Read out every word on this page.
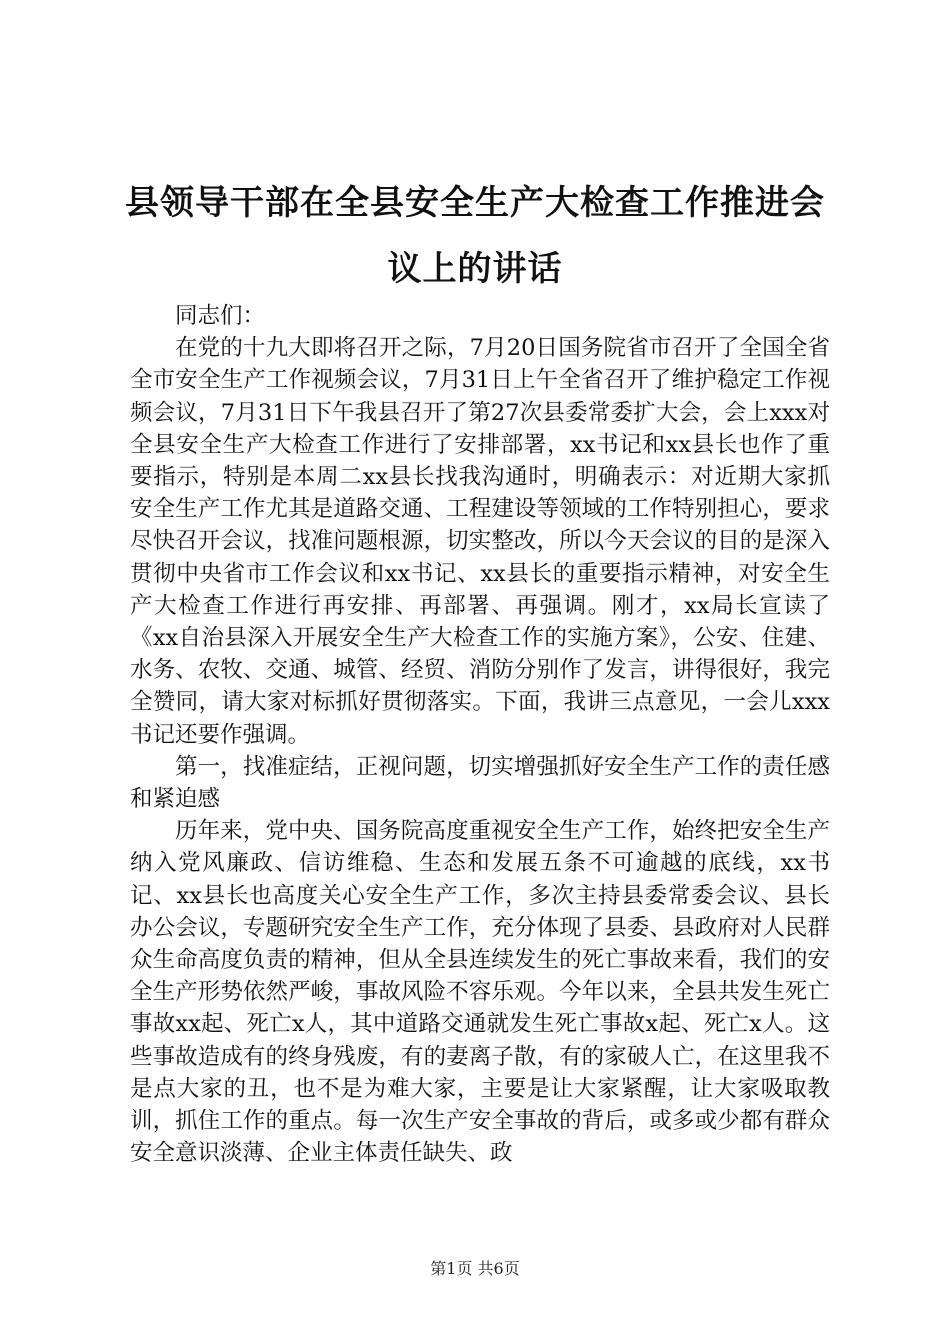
县领导干部在全县安全生产大检查工作推进会
议上的讲话

同志们：

在党的十九大即将召开之际，7月20日国务院省市召开了全国全省全市安全生产工作视频会议，7月31日上午全省召开了维护稳定工作视频会议，7月31日下午我县召开了第27次县委常委扩大会，会上xxx对全县安全生产大检查工作进行了安排部署，xx书记和xx县长也作了重要指示，特别是本周二xx县长找我沟通时，明确表示：对近期大家抓安全生产工作尤其是道路交通、工程建设等领域的工作特别担心，要求尽快召开会议，找准问题根源，切实整改，所以今天会议的目的是深入贯彻中央省市工作会议和xx书记、xx县长的重要指示精神，对安全生产大检查工作进行再安排、再部署、再强调。刚才，xx局长宣读了《xx自治县深入开展安全生产大检查工作的实施方案》，公安、住建、水务、农牧、交通、城管、经贸、消防分别作了发言，讲得很好，我完全赞同，请大家对标抓好贯彻落实。下面，我讲三点意见，一会儿xxx书记还要作强调。

第一，找准症结，正视问题，切实增强抓好安全生产工作的责任感和紧迫感

历年来，党中央、国务院高度重视安全生产工作，始终把安全生产纳入党风廉政、信访维稳、生态和发展五条不可逾越的底线，xx书记、xx县长也高度关心安全生产工作，多次主持县委常委会议、县长办公会议，专题研究安全生产工作，充分体现了县委、县政府对人民群众生命高度负责的精神，但从全县连续发生的死亡事故来看，我们的安全生产形势依然严峻，事故风险不容乐观。今年以来，全县共发生死亡事故xx起、死亡x人，其中道路交通就发生死亡事故x起、死亡x人。这些事故造成有的终身残废，有的妻离子散，有的家破人亡，在这里我不是点大家的丑，也不是为难大家，主要是让大家紧醒，让大家吸取教训，抓住工作的重点。每一次生产安全事故的背后，或多或少都有群众安全意识淡薄、企业主体责任缺失、政

第1页 共6页
